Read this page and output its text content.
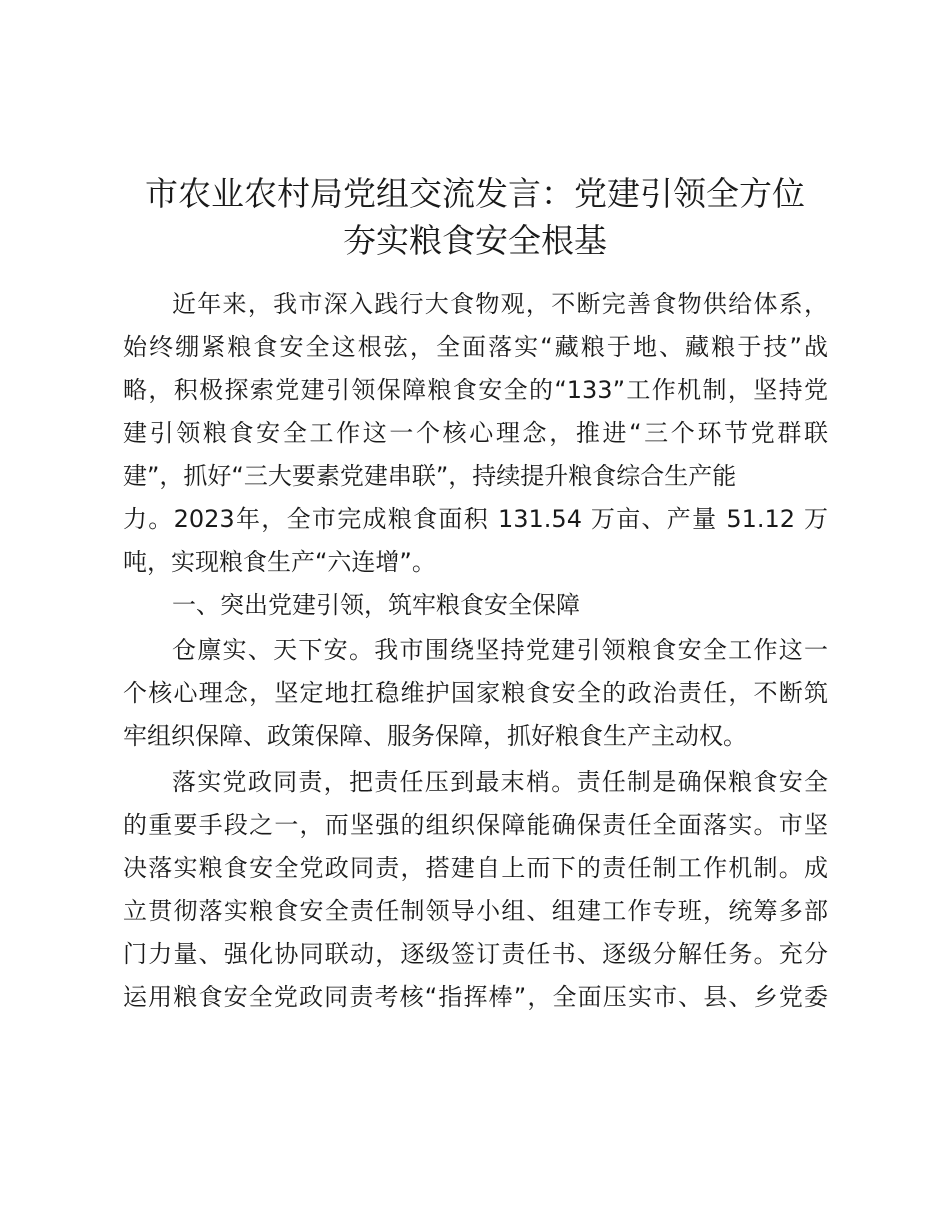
市农业农村局党组交流发言：党建引领全方位
夯实粮食安全根基
近年来，我市深入践行大食物观，不断完善食物供给体系，
始终绷紧粮食安全这根弦，全面落实“藏粮于地、藏粮于技”战
略，积极探索党建引领保障粮食安全的“133”工作机制，坚持党
建引领粮食安全工作这一个核心理念，推进“三个环节党群联
建”，抓好“三大要素党建串联”，持续提升粮食综合生产能
力。2023年，全市完成粮食面积 131.54 万亩、产量 51.12 万
吨，实现粮食生产“六连增”。
一、突出党建引领，筑牢粮食安全保障
仓廪实、天下安。我市围绕坚持党建引领粮食安全工作这一
个核心理念，坚定地扛稳维护国家粮食安全的政治责任，不断筑
牢组织保障、政策保障、服务保障，抓好粮食生产主动权。
落实党政同责，把责任压到最末梢。责任制是确保粮食安全
的重要手段之一，而坚强的组织保障能确保责任全面落实。市坚
决落实粮食安全党政同责，搭建自上而下的责任制工作机制。成
立贯彻落实粮食安全责任制领导小组、组建工作专班，统筹多部
门力量、强化协同联动，逐级签订责任书、逐级分解任务。充分
运用粮食安全党政同责考核“指挥棒”，全面压实市、县、乡党委
